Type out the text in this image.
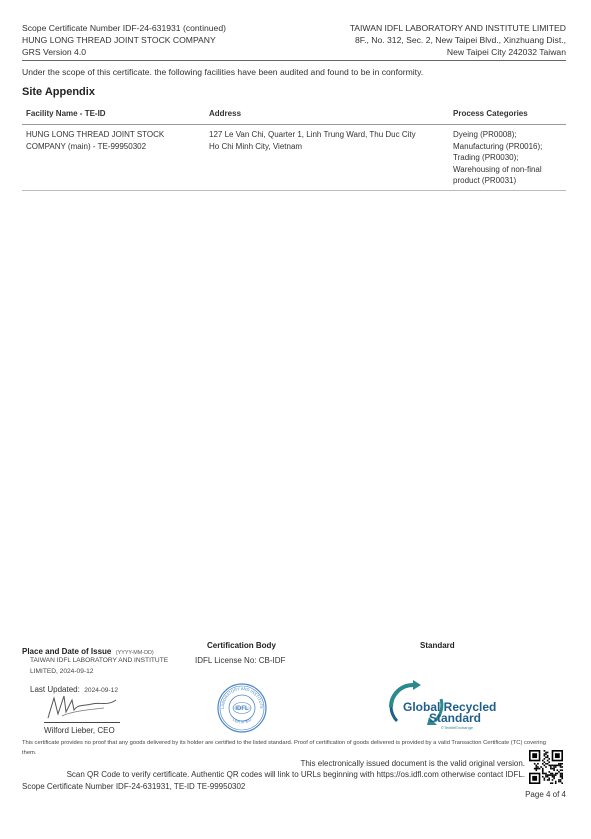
Scope Certificate Number IDF-24-631931 (continued)
HUNG LONG THREAD JOINT STOCK COMPANY
GRS Version 4.0
TAIWAN IDFL LABORATORY AND INSTITUTE LIMITED
8F., No. 312, Sec. 2, New Taipei Blvd., Xinzhuang Dist.,
New Taipei City 242032 Taiwan
Under the scope of this certificate. the following facilities have been audited and found to be in conformity.
Site Appendix
Facility Name - TE-ID	Address	Process Categories
HUNG LONG THREAD JOINT STOCK
COMPANY (main) - TE-99950302
127 Le Van Chi, Quarter 1, Linh Trung Ward, Thu Duc City
Ho Chi Minh City, Vietnam
Dyeing (PR0008);
Manufacturing (PR0016);
Trading (PR0030);
Warehousing of non-final
product (PR0031)
Place and Date of Issue (YYYY-MM-DD)
TAIWAN IDFL LABORATORY AND INSTITUTE
LIMITED, 2024-09-12
Last Updated: 2024-09-12
Wilford Lieber, CEO
Certification Body
IDFL License No: CB-IDF
LABORATORY AND INSTITUTE
CERTIFIED
IDFL
Standard
Global Recycled
Standard
©TextileExchange
This certificate provides no proof that any goods delivered by its holder are certified to the listed standard. Proof of certification of goods delivered is provided by a valid Transaction Certificate (TC) covering them.
This electronically issued document is the valid original version.
Scan QR Code to verify certificate. Authentic QR codes will link to URLs beginning with https://os.idfl.com otherwise contact IDFL.
Scope Certificate Number IDF-24-631931, TE-ID TE-99950302
Page 4 of 4
